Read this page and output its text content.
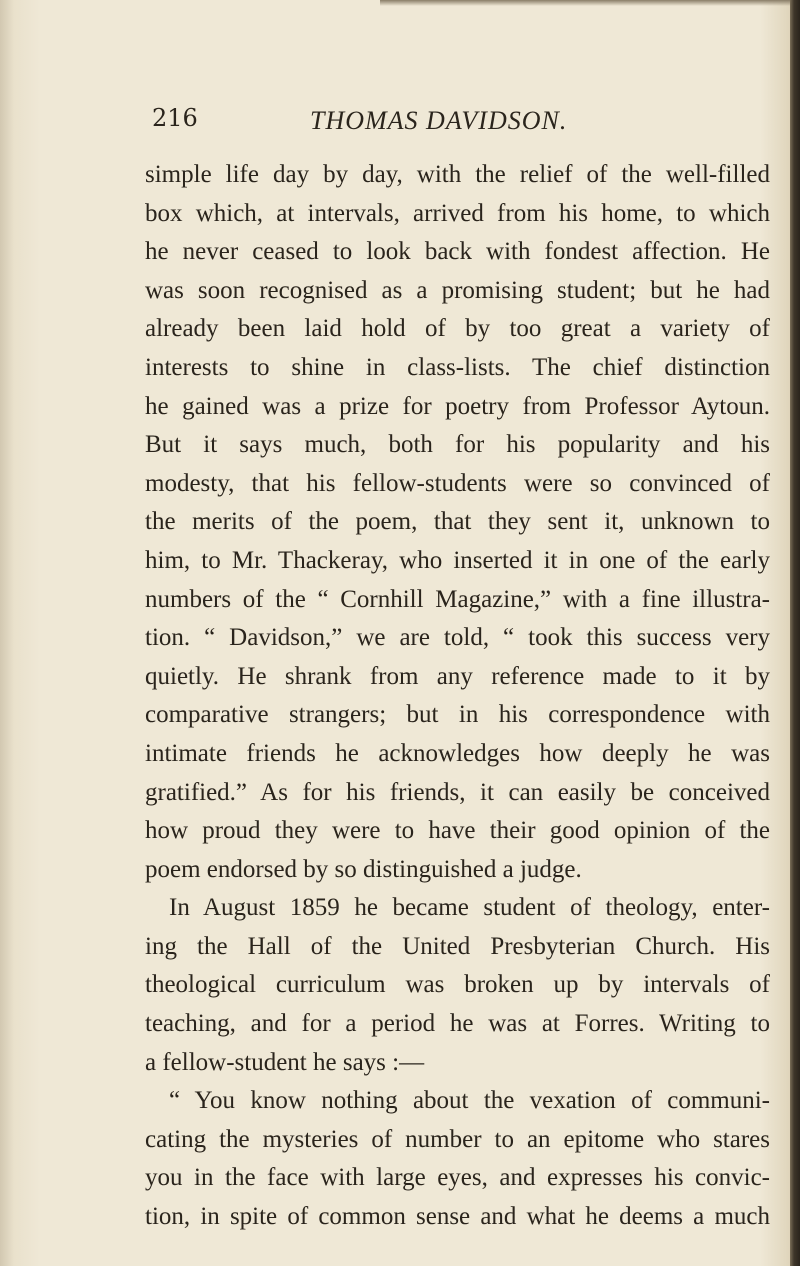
216	THOMAS DAVIDSON.
simple life day by day, with the relief of the well-filled
box which, at intervals, arrived from his home, to which
he never ceased to look back with fondest affection. He
was soon recognised as a promising student; but he had
already been laid hold of by too great a variety of
interests to shine in class-lists. The chief distinction
he gained was a prize for poetry from Professor Aytoun.
But it says much, both for his popularity and his
modesty, that his fellow-students were so convinced of
the merits of the poem, that they sent it, unknown to
him, to Mr. Thackeray, who inserted it in one of the early
numbers of the “ Cornhill Magazine,” with a fine illustra-
tion. “ Davidson,” we are told, “ took this success very
quietly. He shrank from any reference made to it by
comparative strangers; but in his correspondence with
intimate friends he acknowledges how deeply he was
gratified.” As for his friends, it can easily be conceived
how proud they were to have their good opinion of the
poem endorsed by so distinguished a judge.
In August 1859 he became student of theology, enter-
ing the Hall of the United Presbyterian Church. His
theological curriculum was broken up by intervals of
teaching, and for a period he was at Forres. Writing to
a fellow-student he says :—
“ You know nothing about the vexation of communi-
cating the mysteries of number to an epitome who stares
you in the face with large eyes, and expresses his convic-
tion, in spite of common sense and what he deems a much
